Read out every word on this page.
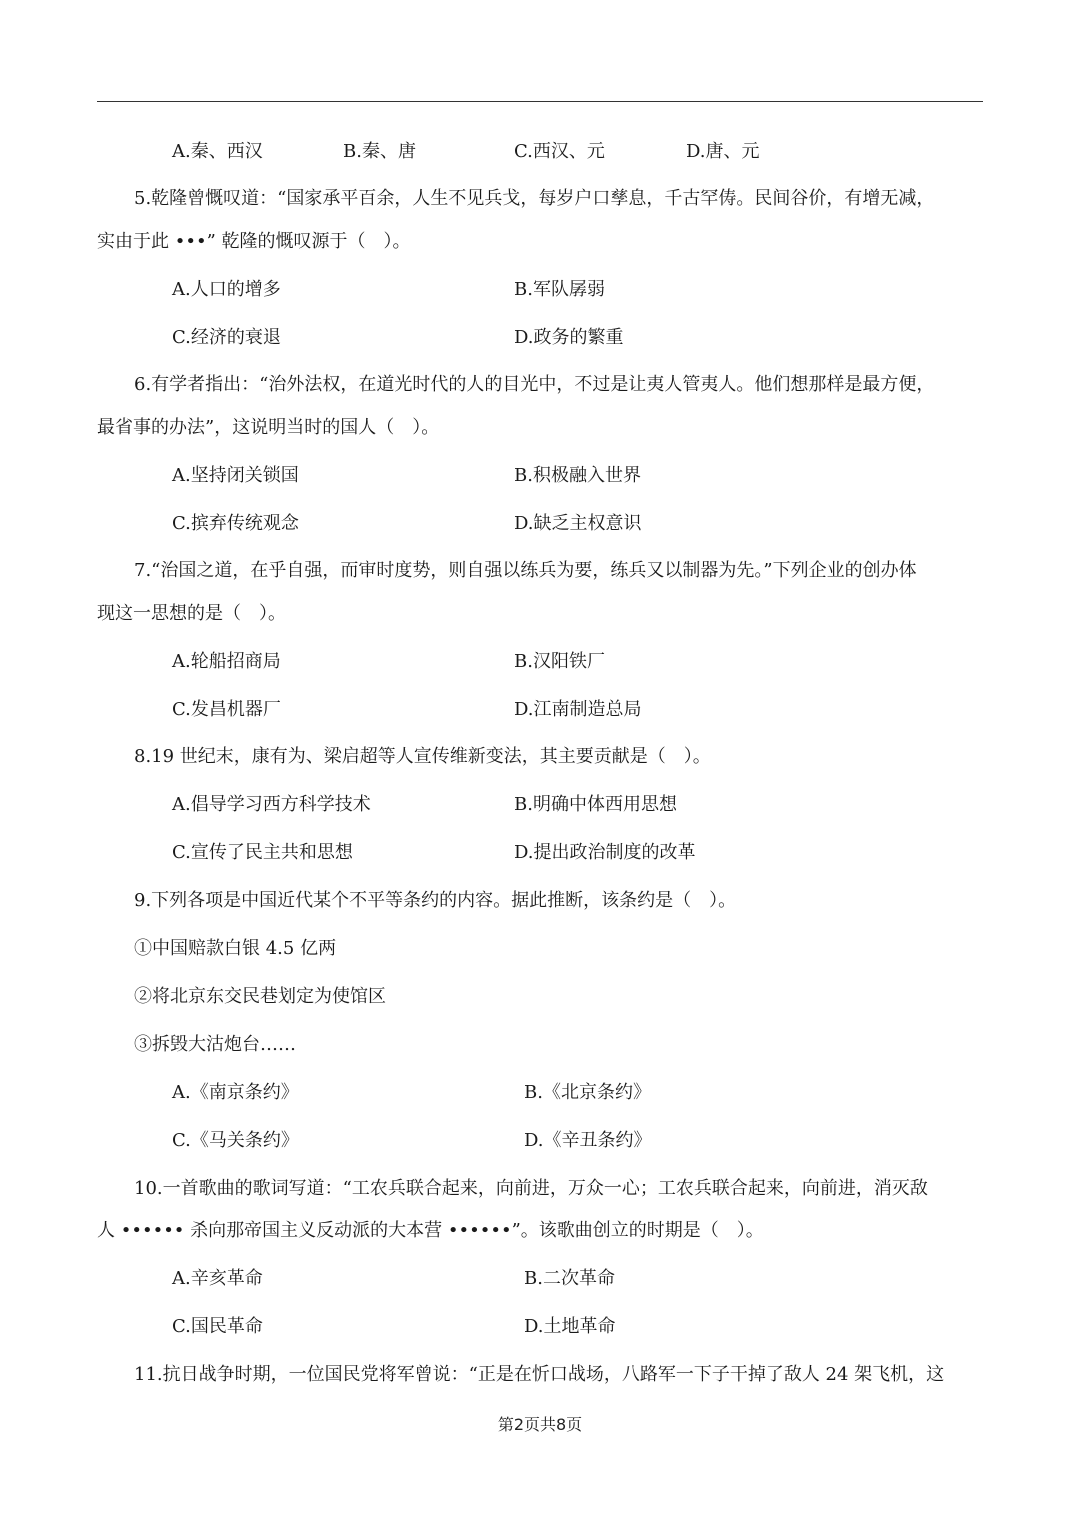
A.秦、西汉	B.秦、唐	C.西汉、元	D.唐、元
5.乾隆曾慨叹道：“国家承平百余，人生不见兵戈，每岁户口孳息，千古罕俦。民间谷价，有增无减，
实由于此 •••” 乾隆的慨叹源于（　）。
A.人口的增多	B.军队孱弱
C.经济的衰退	D.政务的繁重
6.有学者指出：“治外法权，在道光时代的人的目光中，不过是让夷人管夷人。他们想那样是最方便，
最省事的办法”，这说明当时的国人（　）。
A.坚持闭关锁国	B.积极融入世界
C.摈弃传统观念	D.缺乏主权意识
7.“治国之道，在乎自强，而审时度势，则自强以练兵为要，练兵又以制器为先。”下列企业的创办体
现这一思想的是（　）。
A.轮船招商局	B.汉阳铁厂
C.发昌机器厂	D.江南制造总局
8.19 世纪末，康有为、梁启超等人宣传维新变法，其主要贡献是（　）。
A.倡导学习西方科学技术	B.明确中体西用思想
C.宣传了民主共和思想	D.提出政治制度的改革
9.下列各项是中国近代某个不平等条约的内容。据此推断，该条约是（　）。
①中国赔款白银 4.5 亿两
②将北京东交民巷划定为使馆区
③拆毁大沽炮台……
A.《南京条约》	B.《北京条约》
C.《马关条约》	D.《辛丑条约》
10.一首歌曲的歌词写道：“工农兵联合起来，向前进，万众一心；工农兵联合起来，向前进，消灭敌
人 •••••• 杀向那帝国主义反动派的大本营 ••••••”。该歌曲创立的时期是（　）。
A.辛亥革命	B.二次革命
C.国民革命	D.土地革命
11.抗日战争时期，一位国民党将军曾说：“正是在忻口战场，八路军一下子干掉了敌人 24 架飞机，这
第2页共8页
